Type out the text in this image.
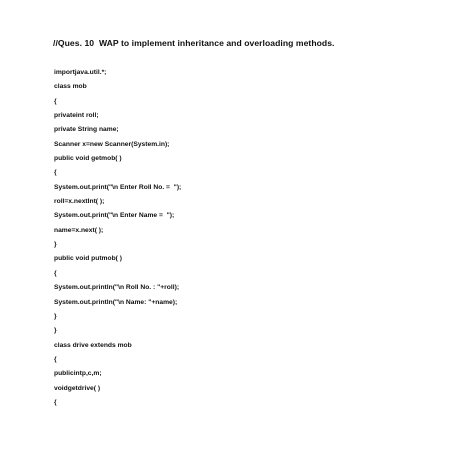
//Ques. 10  WAP to implement inheritance and overloading methods.
importjava.util.*;
class mob
{
privateint roll;
private String name;
Scanner x=new Scanner(System.in);
public void getmob( )
{
System.out.print("\n Enter Roll No. =  ");
roll=x.nextInt( );
System.out.print("\n Enter Name =  ");
name=x.next( );
}
public void putmob( )
{
System.out.println("\n Roll No. : "+roll);
System.out.println("\n Name: "+name);
}
}
class drive extends mob
{
publicintp,c,m;
voidgetdrive( )
{
